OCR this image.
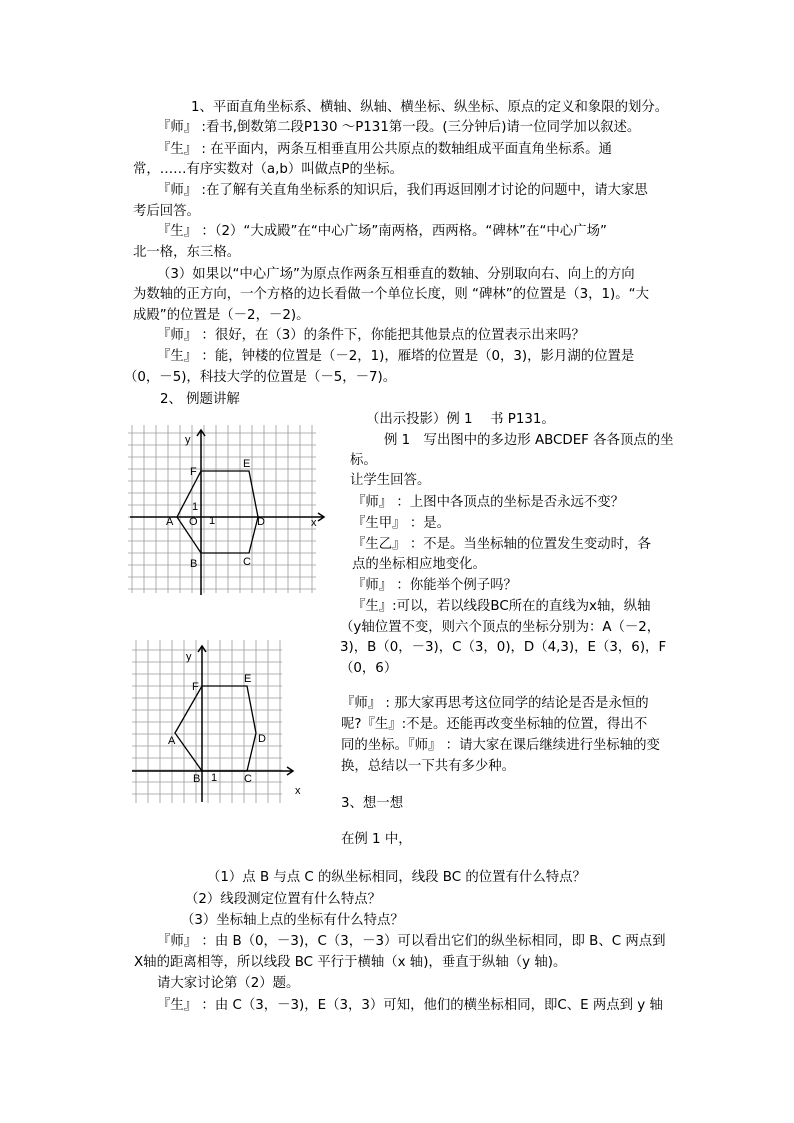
1、平面直角坐标系、横轴、纵轴、横坐标、纵坐标、原点的定义和象限的划分。
『师』 :看书,倒数第二段P130 ～P131第一段。(三分钟后)请一位同学加以叙述。
『生』 : 在平面内，两条互相垂直用公共原点的数轴组成平面直角坐标系。通
常，……有序实数对（a,b）叫做点P的坐标。
『师』 :在了解有关直角坐标系的知识后，我们再返回刚才讨论的问题中，请大家思
考后回答。
『生』 ：（2）“大成殿”在“中心广场”南两格，西两格。“碑林”在“中心广场”
北一格，东三格。
（3）如果以“中心广场”为原点作两条互相垂直的数轴、分别取向右、向上的方向
为数轴的正方向，一个方格的边长看做一个单位长度，则 “碑林”的位置是（3，1)。“大
成殿”的位置是（－2，－2)。
『师』 ：很好，在（3）的条件下，你能把其他景点的位置表示出来吗？
『生』 ：能，钟楼的位置是（－2，1)，雁塔的位置是（0，3)，影月湖的位置是
（0，－5)，科技大学的位置是（－5，－7)。
2、 例题讲解
（出示投影）例 1　 书 P131。
例 1　写出图中的多边形 ABCDEF 各各顶点的坐
标。
让学生回答。
『师』 ：上图中各顶点的坐标是否永远不变？
『生甲』 ：是。
『生乙』 ：不是。当坐标轴的位置发生变动时，各
点的坐标相应地变化。
『师』 ：你能举个例子吗？
『生』:可以，若以线段BC所在的直线为x轴，纵轴
（y轴位置不变，则六个顶点的坐标分别为：A（－2，
3)，B（0，－3)，C（3，0)，D（4,3)，E（3，6)，F
（0，6）
『师』 : 那大家再思考这位同学的结论是否是永恒的
呢?『生』:不是。还能再改变坐标轴的位置，得出不
同的坐标。『师』 ：请大家在课后继续进行坐标轴的变
换，总结以一下共有多少种。
3、想一想
在例 1 中，
（1）点 B 与点 C 的纵坐标相同，线段 BC 的位置有什么特点？
（2）线段测定位置有什么特点？
（3）坐标轴上点的坐标有什么特点？
『师』 ：由 B（0，－3)，C（3，－3）可以看出它们的纵坐标相同，即 B、C 两点到
X轴的距离相等，所以线段 BC 平行于横轴（x 轴)，垂直于纵轴（y 轴)。
请大家讨论第（2）题。
『生』 ：由 C（3，－3)，E（3，3）可知，他们的横坐标相同，即C、E 两点到 y 轴
y
x
O 1
1
A
B	C
D
E
F
y
x
1
A
B	C
D
E
F
